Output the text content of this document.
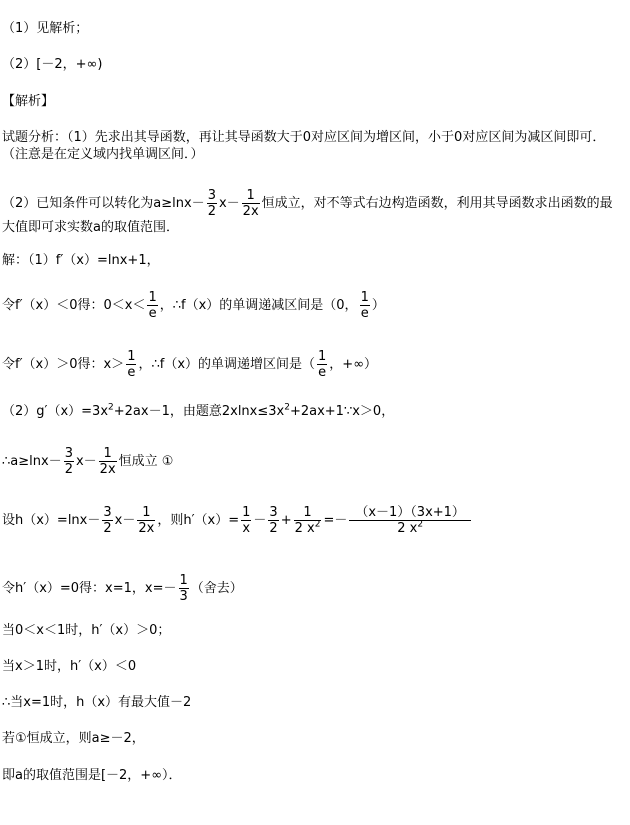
（1）见解析；
（2）[－2，+∞)
【解析】
试题分析：（1）先求出其导函数，再让其导函数大于0对应区间为增区间，小于0对应区间为减区间即可．（注意是在定义域内找单调区间．）
（2）已知条件可以转化为$a\ge\ln x- \frac{3}{2} x- \frac{1}{2x}$ 恒成立，对不等式右边构造函数，利用其导函数求出函数的最大值即可求实数a的取值范围．
解：（1）f′（x）=lnx+1，
令f′（x）＜0得：$0<x< \frac{1}{e}$ ，∴f（x）的单调递减区间是（0， $\frac{1}{e}$ ）
令f′（x）＞0得：$x> \frac{1}{e}$ ，∴f（x）的单调递增区间是（ $\frac{1}{e}$ ，+∞）
$(2)g'(x)=3x^2+2ax-1$，由题意$2xlnx\le 3x^2+2ax+1\because x>0$，
∴a≥lnx－ $\frac{3}{2} x- \frac{1}{2x}$ 恒成立 ①
设$h(x)=\ln x- \frac{3}{2} x- \frac{1}{2x}$ ，则$h'(x)= \frac{1}{x} - \frac{3}{2} + \frac{1}{2 x^2} =- \frac{(x-1)(3x+1)}{2 x^2}$
令h′（x）=0得：x=1，$x=- \frac{1}{3}$ （舍去）
当0＜x＜1时，h′（x）＞0；
当x＞1时，h′（x）＜0
∴当x=1时，h（x）有最大值－2
若①恒成立，则a≥－2，
即a的取值范围是[－2，+∞）．
